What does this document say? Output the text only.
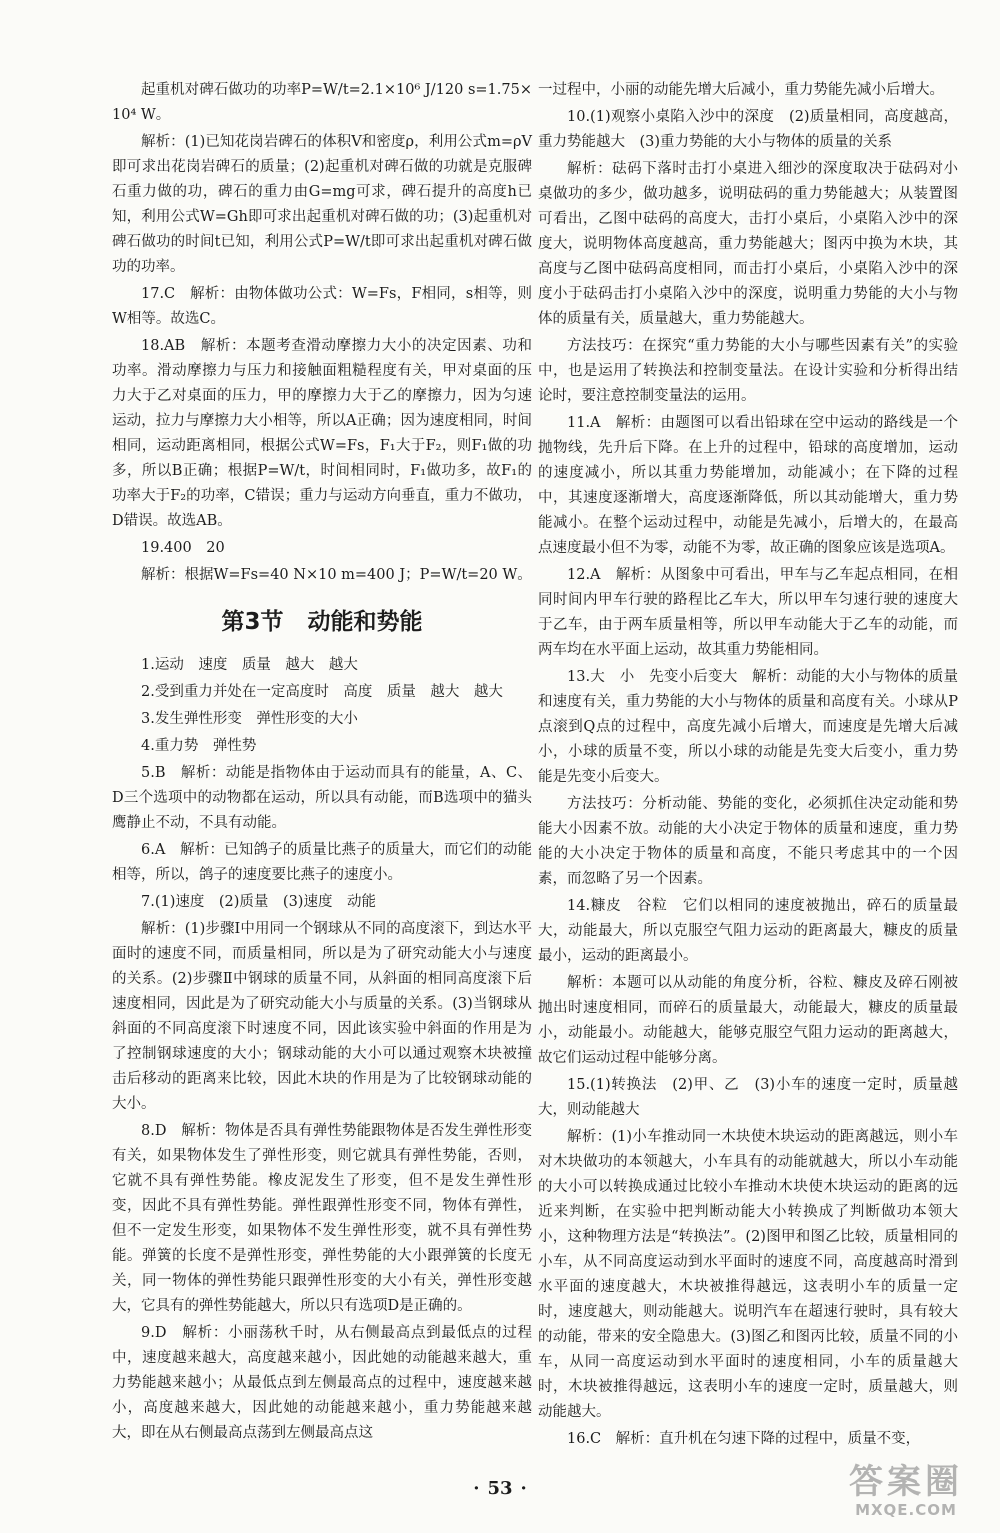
起重机对碑石做功的功率P=W/t=2.1×10⁶ J/120 s=1.75×10⁴ W。

解析：(1)已知花岗岩碑石的体积V和密度ρ，利用公式m=ρV即可求出花岗岩碑石的质量；(2)起重机对碑石做的功就是克服碑石重力做的功，碑石的重力由G=mg可求，碑石提升的高度h已知，利用公式W=Gh即可求出起重机对碑石做的功；(3)起重机对碑石做功的时间t已知，利用公式P=W/t即可求出起重机对碑石做功的功率。

17.C　解析：由物体做功公式：W=Fs，F相同，s相等，则W相等。故选C。

18.AB　解析：本题考查滑动摩擦力大小的决定因素、功和功率。滑动摩擦力与压力和接触面粗糙程度有关，甲对桌面的压力大于乙对桌面的压力，甲的摩擦力大于乙的摩擦力，因为匀速运动，拉力与摩擦力大小相等，所以A正确；因为速度相同，时间相同，运动距离相同，根据公式W=Fs，F₁大于F₂，则F₁做的功多，所以B正确；根据P=W/t，时间相同时，F₁做功多，故F₁的功率大于F₂的功率，C错误；重力与运动方向垂直，重力不做功，D错误。故选AB。

19.400　20

解析：根据W=Fs=40 N×10 m=400 J；P=W/t=20 W。

第3节 动能和势能

1.运动　速度　质量　越大　越大

2.受到重力并处在一定高度时　高度　质量　越大　越大

3.发生弹性形变　弹性形变的大小

4.重力势　弹性势

5.B　解析：动能是指物体由于运动而具有的能量，A、C、D三个选项中的动物都在运动，所以具有动能，而B选项中的猫头鹰静止不动，不具有动能。

6.A　解析：已知鸽子的质量比燕子的质量大，而它们的动能相等，所以，鸽子的速度要比燕子的速度小。

7.(1)速度　(2)质量　(3)速度　动能

解析：(1)步骤Ⅰ中用同一个钢球从不同的高度滚下，到达水平面时的速度不同，而质量相同，所以是为了研究动能大小与速度的关系。(2)步骤Ⅱ中钢球的质量不同，从斜面的相同高度滚下后速度相同，因此是为了研究动能大小与质量的关系。(3)当钢球从斜面的不同高度滚下时速度不同，因此该实验中斜面的作用是为了控制钢球速度的大小；钢球动能的大小可以通过观察木块被撞击后移动的距离来比较，因此木块的作用是为了比较钢球动能的大小。

8.D　解析：物体是否具有弹性势能跟物体是否发生弹性形变有关，如果物体发生了弹性形变，则它就具有弹性势能，否则，它就不具有弹性势能。橡皮泥发生了形变，但不是发生弹性形变，因此不具有弹性势能。弹性跟弹性形变不同，物体有弹性，但不一定发生形变，如果物体不发生弹性形变，就不具有弹性势能。弹簧的长度不是弹性形变，弹性势能的大小跟弹簧的长度无关，同一物体的弹性势能只跟弹性形变的大小有关，弹性形变越大，它具有的弹性势能越大，所以只有选项D是正确的。

9.D　解析：小丽荡秋千时，从右侧最高点到最低点的过程中，速度越来越大，高度越来越小，因此她的动能越来越大，重力势能越来越小；从最低点到左侧最高点的过程中，速度越来越小，高度越来越大，因此她的动能越来越小，重力势能越来越大，即在从右侧最高点荡到左侧最高点这

一过程中，小丽的动能先增大后减小，重力势能先减小后增大。

10.(1)观察小桌陷入沙中的深度　(2)质量相同，高度越高，重力势能越大　(3)重力势能的大小与物体的质量的关系

解析：砝码下落时击打小桌进入细沙的深度取决于砝码对小桌做功的多少，做功越多，说明砝码的重力势能越大；从装置图可看出，乙图中砝码的高度大，击打小桌后，小桌陷入沙中的深度大，说明物体高度越高，重力势能越大；图丙中换为木块，其高度与乙图中砝码高度相同，而击打小桌后，小桌陷入沙中的深度小于砝码击打小桌陷入沙中的深度，说明重力势能的大小与物体的质量有关，质量越大，重力势能越大。

方法技巧：在探究“重力势能的大小与哪些因素有关”的实验中，也是运用了转换法和控制变量法。在设计实验和分析得出结论时，要注意控制变量法的运用。

11.A　解析：由题图可以看出铅球在空中运动的路线是一个抛物线，先升后下降。在上升的过程中，铅球的高度增加，运动的速度减小，所以其重力势能增加，动能减小；在下降的过程中，其速度逐渐增大，高度逐渐降低，所以其动能增大，重力势能减小。在整个运动过程中，动能是先减小，后增大的，在最高点速度最小但不为零，动能不为零，故正确的图象应该是选项A。

12.A　解析：从图象中可看出，甲车与乙车起点相同，在相同时间内甲车行驶的路程比乙车大，所以甲车匀速行驶的速度大于乙车，由于两车质量相等，所以甲车动能大于乙车的动能，而两车均在水平面上运动，故其重力势能相同。

13.大　小　先变小后变大　解析：动能的大小与物体的质量和速度有关，重力势能的大小与物体的质量和高度有关。小球从P点滚到Q点的过程中，高度先减小后增大，而速度是先增大后减小，小球的质量不变，所以小球的动能是先变大后变小，重力势能是先变小后变大。

方法技巧：分析动能、势能的变化，必须抓住决定动能和势能大小因素不放。动能的大小决定于物体的质量和速度，重力势能的大小决定于物体的质量和高度，不能只考虑其中的一个因素，而忽略了另一个因素。

14.糠皮　谷粒　它们以相同的速度被抛出，碎石的质量最大，动能最大，所以克服空气阻力运动的距离最大，糠皮的质量最小，运动的距离最小。

解析：本题可以从动能的角度分析，谷粒、糠皮及碎石刚被抛出时速度相同，而碎石的质量最大，动能最大，糠皮的质量最小，动能最小。动能越大，能够克服空气阻力运动的距离越大，故它们运动过程中能够分离。

15.(1)转换法　(2)甲、乙　(3)小车的速度一定时，质量越大，则动能越大

解析：(1)小车推动同一木块使木块运动的距离越远，则小车对木块做功的本领越大，小车具有的动能就越大，所以小车动能的大小可以转换成通过比较小车推动木块使木块运动的距离的远近来判断，在实验中把判断动能大小转换成了判断做功本领大小，这种物理方法是“转换法”。(2)图甲和图乙比较，质量相同的小车，从不同高度运动到水平面时的速度不同，高度越高时滑到水平面的速度越大，木块被推得越远，这表明小车的质量一定时，速度越大，则动能越大。说明汽车在超速行驶时，具有较大的动能，带来的安全隐患大。(3)图乙和图丙比较，质量不同的小车，从同一高度运动到水平面时的速度相同，小车的质量越大时，木块被推得越远，这表明小车的速度一定时，质量越大，则动能越大。

16.C　解析：直升机在匀速下降的过程中，质量不变，

· 53 ·	答案圈
MXQE.COM
